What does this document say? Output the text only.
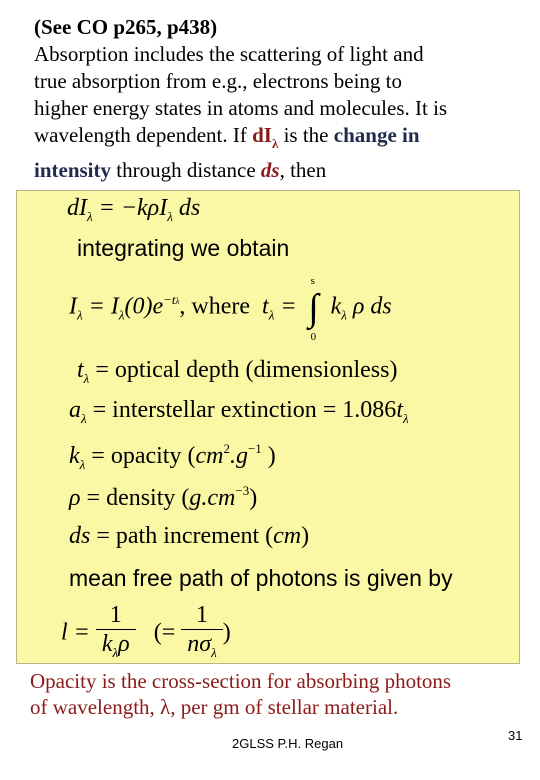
(See CO p265, p438)
Absorption includes the scattering of light and
true absorption from e.g., electrons being to
higher energy states in atoms and molecules. It is
wavelength dependent. If $dI_\lambda$ is the change in
intensity through distance ds, then
$dI_\lambda = -k\rho I_\lambda$ ds
integrating we obtain
$I_\lambda = I_\lambda(0)e^{-t\lambda}$, where $t_\lambda$ = ∫
s
0
$k_\lambda$ ρ ds
$t_\lambda$ = optical depth (dimensionless)
$a_\lambda$ = interstellar extinction = $1.086t_\lambda$
$k_\lambda$ = opacity ($cm^2.g^{-1}$ )
ρ = density $(g.cm^{-3})$
ds = path increment (cm)
mean free path of photons is given by
$l = \frac{1}{k_\lambda\rho}$ (= $\frac{1}{n\sigma_\lambda}$ )
Opacity is the cross-section for absorbing photons
of wavelength, λ, per gm of stellar material.
2GLSS P.H. Regan
31
